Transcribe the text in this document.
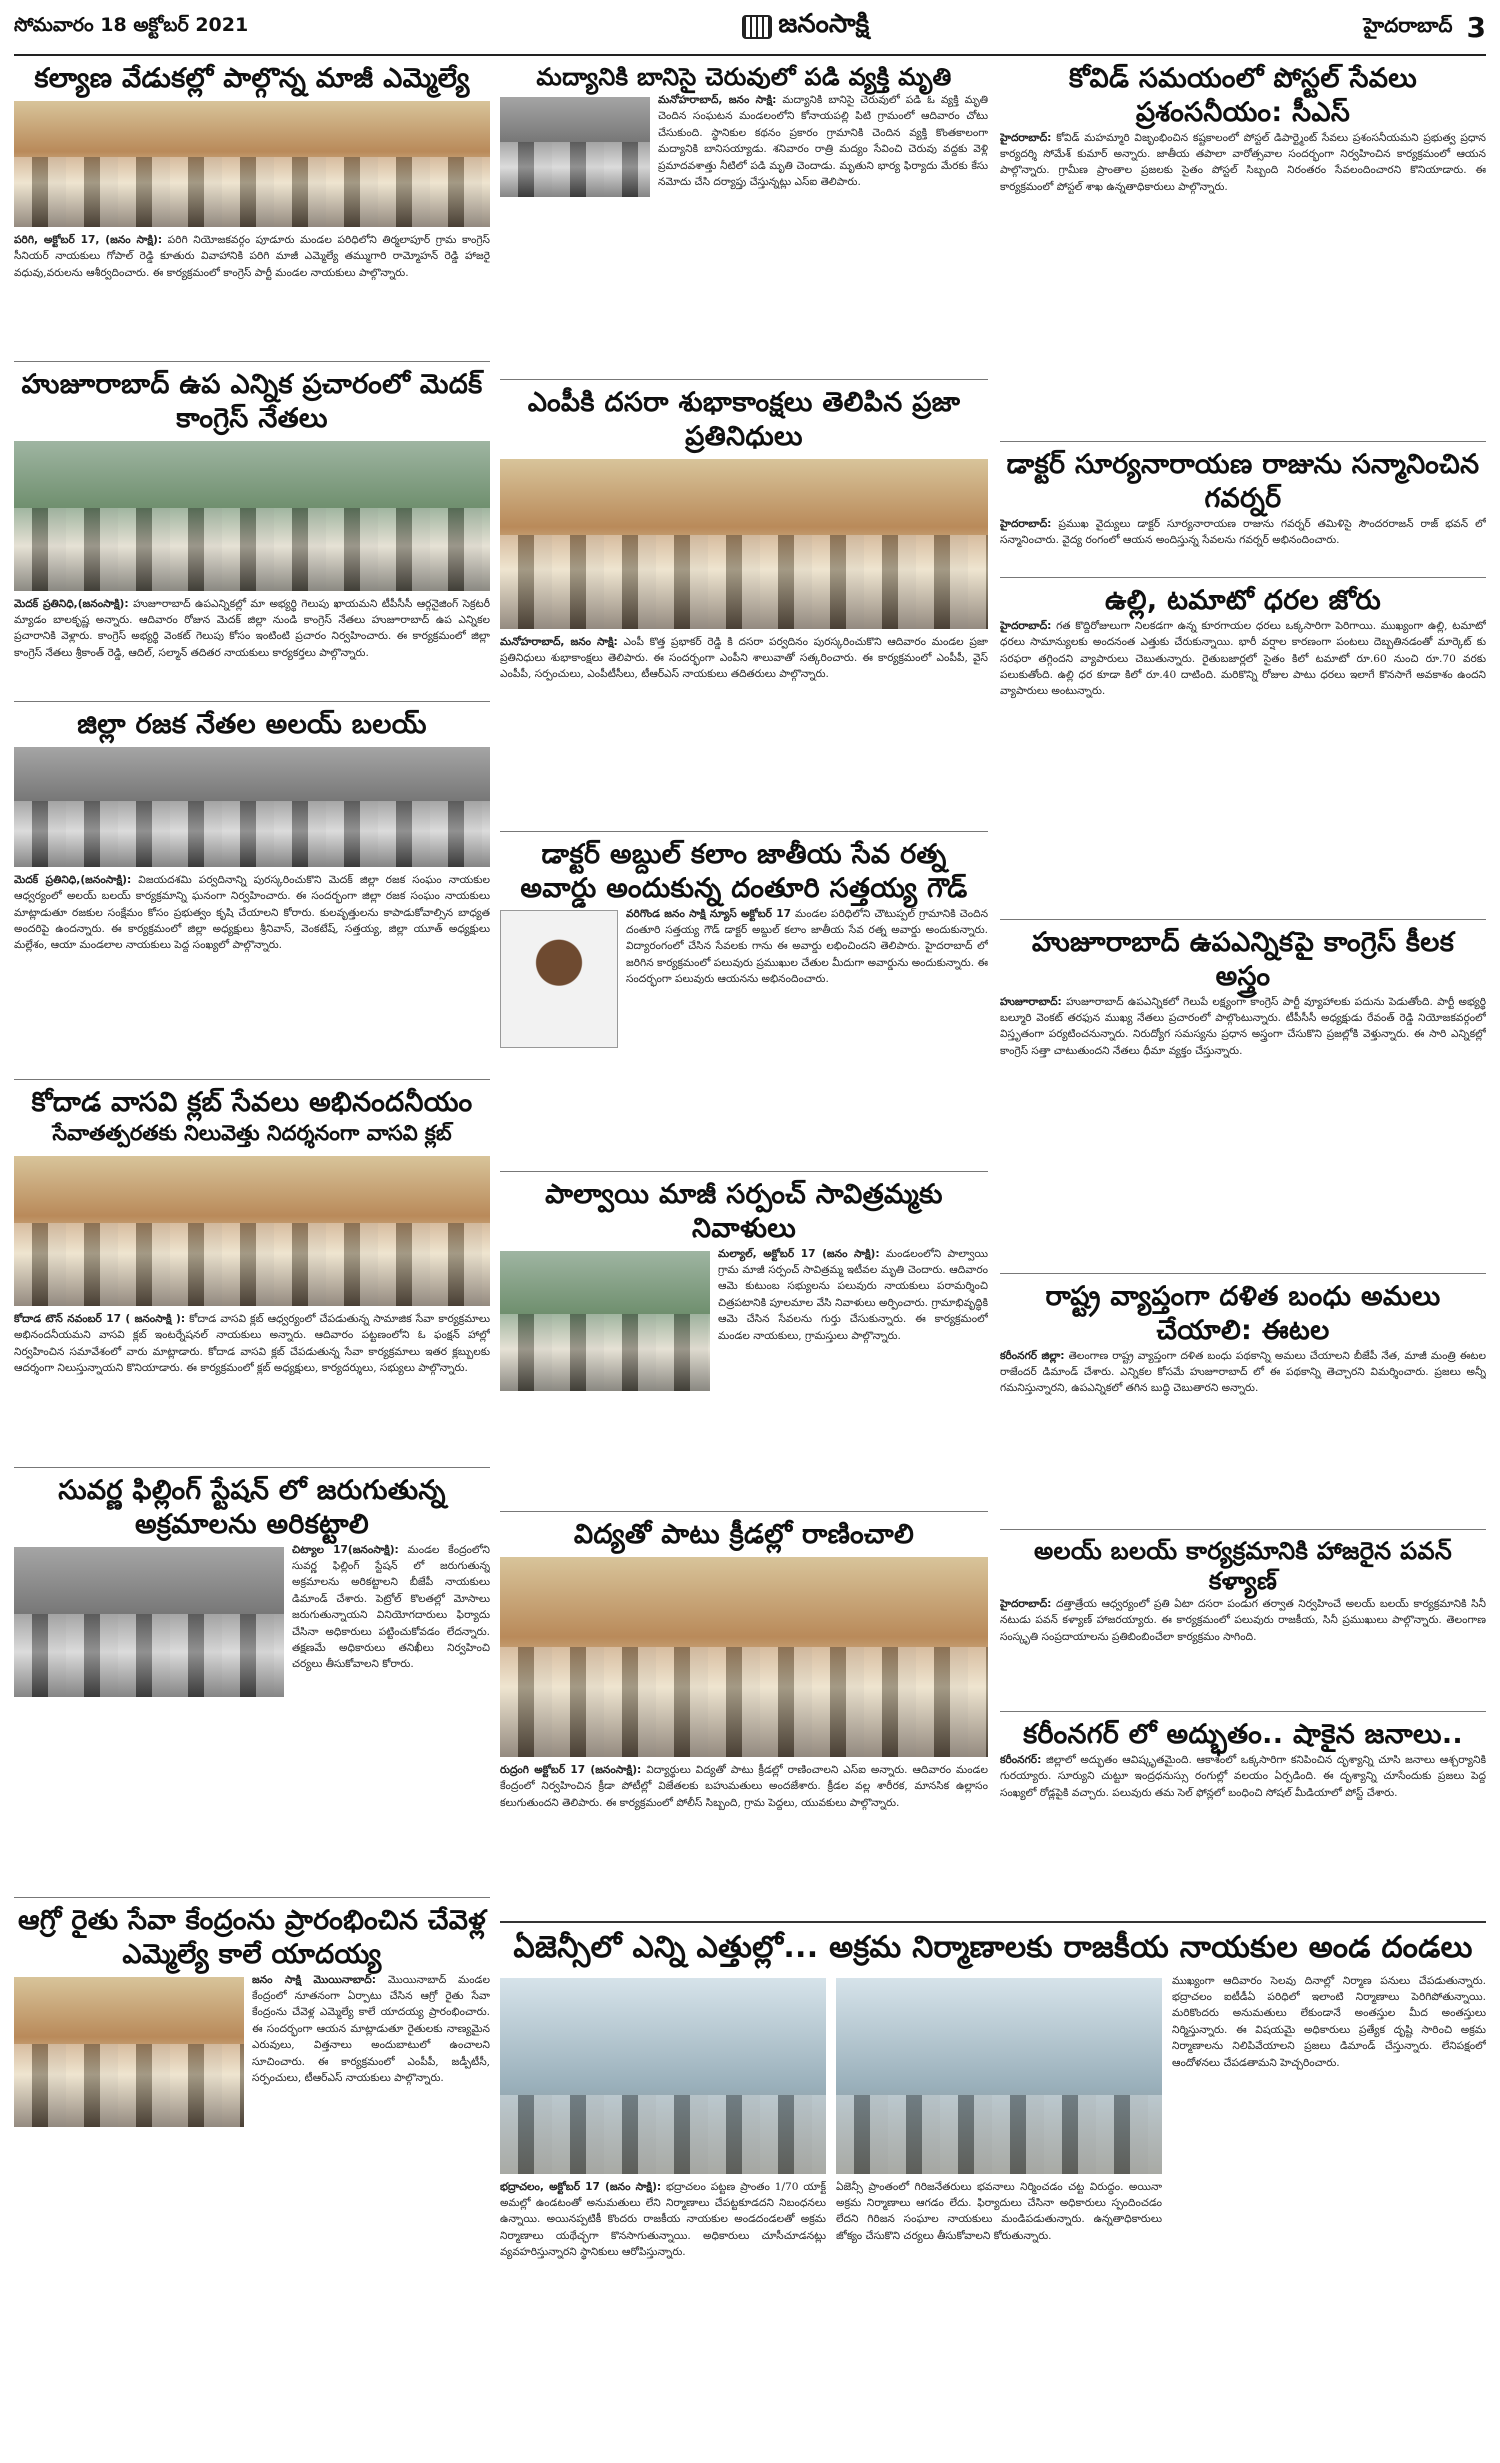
సోమవారం 18 అక్టోబర్ 2021	జనంసాక్షి	హైదరాబాద్ 3
కల్యాణ వేడుకల్లో పాల్గొన్న మాజీ ఎమ్మెల్యే
పరిగి, అక్టోబర్ 17, (జనం సాక్షి): పరిగి నియోజకవర్గం పూడూరు మండల పరిధిలోని తిర్మలాపూర్ గ్రామ కాంగ్రెస్ సీనియర్ నాయకులు గోపాల్ రెడ్డి కూతురు వివాహానికి పరిగి మాజీ ఎమ్మెల్యే తమ్ముగారి రామ్మోహన్ రెడ్డి హాజరై వధువు,వరులను ఆశీర్వదించారు. ఈ కార్యక్రమంలో కాంగ్రెస్ పార్టీ మండల నాయకులు పాల్గొన్నారు.
హుజూరాబాద్ ఉప ఎన్నిక ప్రచారంలో మెదక్ కాంగ్రెస్ నేతలు
మెదక్ ప్రతినిధి,(జనంసాక్షి): హుజూరాబాద్ ఉపఎన్నికల్లో మా అభ్యర్థి గెలుపు ఖాయమని టీపీసీసీ ఆర్గనైజింగ్ సెక్రటరీ మ్యాడం బాలకృష్ణ అన్నారు. ఆదివారం రోజున మెదక్ జిల్లా నుండి కాంగ్రెస్ నేతలు హుజూరాబాద్ ఉప ఎన్నికల ప్రచారానికి వెళ్లారు. కాంగ్రెస్ అభ్యర్థి వెంకట్ గెలుపు కోసం ఇంటింటి ప్రచారం నిర్వహించారు. ఈ కార్యక్రమంలో జిల్లా కాంగ్రెస్ నేతలు శ్రీకాంత్ రెడ్డి, ఆదిల్, సల్మాన్ తదితర నాయకులు కార్యకర్తలు పాల్గొన్నారు.
జిల్లా రజక నేతల అలయ్ బలయ్
మెదక్ ప్రతినిధి,(జనంసాక్షి): విజయదశమి పర్వదినాన్ని పురస్కరించుకొని మెదక్ జిల్లా రజక సంఘం నాయకుల ఆధ్వర్యంలో అలయ్ బలయ్ కార్యక్రమాన్ని ఘనంగా నిర్వహించారు. ఈ సందర్భంగా జిల్లా రజక సంఘం నాయకులు మాట్లాడుతూ రజకుల సంక్షేమం కోసం ప్రభుత్వం కృషి చేయాలని కోరారు. కులవృత్తులను కాపాడుకోవాల్సిన బాధ్యత అందరిపై ఉందన్నారు. ఈ కార్యక్రమంలో జిల్లా అధ్యక్షులు శ్రీనివాస్, వెంకటేష్, సత్తయ్య, జిల్లా యూత్ అధ్యక్షులు మల్లేశం, ఆయా మండలాల నాయకులు పెద్ద సంఖ్యలో పాల్గొన్నారు.
కోదాడ వాసవి క్లబ్ సేవలు అభినందనీయం
సేవాతత్పరతకు నిలువెత్తు నిదర్శనంగా వాసవి క్లబ్
కోదాడ టౌన్ నవంబర్ 17 ( జనంసాక్షి ): కోదాడ వాసవి క్లబ్ ఆధ్వర్యంలో చేపడుతున్న సామాజిక సేవా కార్యక్రమాలు అభినందనీయమని వాసవి క్లబ్ ఇంటర్నేషనల్ నాయకులు అన్నారు. ఆదివారం పట్టణంలోని ఓ ఫంక్షన్ హాల్లో నిర్వహించిన సమావేశంలో వారు మాట్లాడారు. కోదాడ వాసవి క్లబ్ చేపడుతున్న సేవా కార్యక్రమాలు ఇతర క్లబ్బులకు ఆదర్శంగా నిలుస్తున్నాయని కొనియాడారు. ఈ కార్యక్రమంలో క్లబ్ అధ్యక్షులు, కార్యదర్శులు, సభ్యులు పాల్గొన్నారు.
సువర్ణ ఫిల్లింగ్ స్టేషన్ లో జరుగుతున్న అక్రమాలను అరికట్టాలి
చిట్యాల 17(జనంసాక్షి): మండల కేంద్రంలోని సువర్ణ ఫిల్లింగ్ స్టేషన్ లో జరుగుతున్న అక్రమాలను అరికట్టాలని బీజేపీ నాయకులు డిమాండ్ చేశారు. పెట్రోల్ కొలతల్లో మోసాలు జరుగుతున్నాయని వినియోగదారులు ఫిర్యాదు చేసినా అధికారులు పట్టించుకోవడం లేదన్నారు. తక్షణమే అధికారులు తనిఖీలు నిర్వహించి చర్యలు తీసుకోవాలని కోరారు.
ఆగ్రో రైతు సేవా కేంద్రంను ప్రారంభించిన చేవెళ్ల ఎమ్మెల్యే కాలే యాదయ్య
జనం సాక్షి మొయినాబాద్: మొయినాబాద్ మండల కేంద్రంలో నూతనంగా ఏర్పాటు చేసిన ఆగ్రో రైతు సేవా కేంద్రంను చేవెళ్ల ఎమ్మెల్యే కాలే యాదయ్య ప్రారంభించారు. ఈ సందర్భంగా ఆయన మాట్లాడుతూ రైతులకు నాణ్యమైన ఎరువులు, విత్తనాలు అందుబాటులో ఉంచాలని సూచించారు. ఈ కార్యక్రమంలో ఎంపీపీ, జడ్పీటీసీ, సర్పంచులు, టీఆర్ఎస్ నాయకులు పాల్గొన్నారు.
మద్యానికి బానిసై చెరువులో పడి వ్యక్తి మృతి
మనోహరాబాద్, జనం సాక్షి: మద్యానికి బానిసై చెరువులో పడి ఓ వ్యక్తి మృతి చెందిన సంఘటన మండలంలోని కోనాయపల్లి పిటి గ్రామంలో ఆదివారం చోటు చేసుకుంది. స్థానికుల కథనం ప్రకారం గ్రామానికి చెందిన వ్యక్తి కొంతకాలంగా మద్యానికి బానిసయ్యాడు. శనివారం రాత్రి మద్యం సేవించి చెరువు వద్దకు వెళ్లి ప్రమాదవశాత్తు నీటిలో పడి మృతి చెందాడు. మృతుని భార్య ఫిర్యాదు మేరకు కేసు నమోదు చేసి దర్యాప్తు చేస్తున్నట్లు ఎస్ఐ తెలిపారు.
ఎంపీకి దసరా శుభాకాంక్షలు తెలిపిన ప్రజా ప్రతినిధులు
మనోహరాబాద్, జనం సాక్షి: ఎంపీ కొత్త ప్రభాకర్ రెడ్డి కి దసరా పర్వదినం పురస్కరించుకొని ఆదివారం మండల ప్రజా ప్రతినిధులు శుభాకాంక్షలు తెలిపారు. ఈ సందర్భంగా ఎంపీని శాలువాతో సత్కరించారు. ఈ కార్యక్రమంలో ఎంపీపీ, వైస్ ఎంపీపీ, సర్పంచులు, ఎంపీటీసీలు, టీఆర్ఎస్ నాయకులు తదితరులు పాల్గొన్నారు.
డాక్టర్ అబ్దుల్ కలాం జాతీయ సేవ రత్న అవార్డు అందుకున్న దంతూరి సత్తయ్య గౌడ్
వరిగొండ జనం సాక్షి న్యూస్ అక్టోబర్ 17 మండల పరిధిలోని చౌటుప్పల్ గ్రామానికి చెందిన దంతూరి సత్తయ్య గౌడ్ డాక్టర్ అబ్దుల్ కలాం జాతీయ సేవ రత్న అవార్డు అందుకున్నారు. విద్యారంగంలో చేసిన సేవలకు గాను ఈ అవార్డు లభించిందని తెలిపారు. హైదరాబాద్ లో జరిగిన కార్యక్రమంలో పలువురు ప్రముఖుల చేతుల మీదుగా అవార్డును అందుకున్నారు. ఈ సందర్భంగా పలువురు ఆయనను అభినందించారు.
పాల్వాయి మాజీ సర్పంచ్ సావిత్రమ్మకు నివాళులు
మల్యాల్, అక్టోబర్ 17 (జనం సాక్షి): మండలంలోని పాల్వాయి గ్రామ మాజీ సర్పంచ్ సావిత్రమ్మ ఇటీవల మృతి చెందారు. ఆదివారం ఆమె కుటుంబ సభ్యులను పలువురు నాయకులు పరామర్శించి చిత్రపటానికి పూలమాల వేసి నివాళులు అర్పించారు. గ్రామాభివృద్ధికి ఆమె చేసిన సేవలను గుర్తు చేసుకున్నారు. ఈ కార్యక్రమంలో మండల నాయకులు, గ్రామస్తులు పాల్గొన్నారు.
విద్యతో పాటు క్రీడల్లో రాణించాలి
రుద్రంగి అక్టోబర్ 17 (జనంసాక్షి): విద్యార్థులు విద్యతో పాటు క్రీడల్లో రాణించాలని ఎస్ఐ అన్నారు. ఆదివారం మండల కేంద్రంలో నిర్వహించిన క్రీడా పోటీల్లో విజేతలకు బహుమతులు అందజేశారు. క్రీడల వల్ల శారీరక, మానసిక ఉల్లాసం కలుగుతుందని తెలిపారు. ఈ కార్యక్రమంలో పోలీస్ సిబ్బంది, గ్రామ పెద్దలు, యువకులు పాల్గొన్నారు.
కోవిడ్ సమయంలో పోస్టల్ సేవలు ప్రశంసనీయం: సీఎస్
హైదరాబాద్: కోవిడ్ మహమ్మారి విజృంభించిన కష్టకాలంలో పోస్టల్ డిపార్ట్మెంట్ సేవలు ప్రశంసనీయమని ప్రభుత్వ ప్రధాన కార్యదర్శి సోమేశ్ కుమార్ అన్నారు. జాతీయ తపాలా వారోత్సవాల సందర్భంగా నిర్వహించిన కార్యక్రమంలో ఆయన పాల్గొన్నారు. గ్రామీణ ప్రాంతాల ప్రజలకు సైతం పోస్టల్ సిబ్బంది నిరంతరం సేవలందించారని కొనియాడారు. ఈ కార్యక్రమంలో పోస్టల్ శాఖ ఉన్నతాధికారులు పాల్గొన్నారు.
డాక్టర్ సూర్యనారాయణ రాజును సన్మానించిన గవర్నర్
హైదరాబాద్: ప్రముఖ వైద్యులు డాక్టర్ సూర్యనారాయణ రాజును గవర్నర్ తమిళిసై సౌందరరాజన్ రాజ్ భవన్ లో సన్మానించారు. వైద్య రంగంలో ఆయన అందిస్తున్న సేవలను గవర్నర్ అభినందించారు.
ఉల్లి, టమాటో ధరల జోరు
హైదరాబాద్: గత కొద్దిరోజులుగా నిలకడగా ఉన్న కూరగాయల ధరలు ఒక్కసారిగా పెరిగాయి. ముఖ్యంగా ఉల్లి, టమాటో ధరలు సామాన్యులకు అందనంత ఎత్తుకు చేరుకున్నాయి. భారీ వర్షాల కారణంగా పంటలు దెబ్బతినడంతో మార్కెట్ కు సరఫరా తగ్గిందని వ్యాపారులు చెబుతున్నారు. రైతుబజార్లలో సైతం కిలో టమాటో రూ.60 నుంచి రూ.70 వరకు పలుకుతోంది. ఉల్లి ధర కూడా కిలో రూ.40 దాటింది. మరికొన్ని రోజుల పాటు ధరలు ఇలాగే కొనసాగే అవకాశం ఉందని వ్యాపారులు అంటున్నారు.
హుజూరాబాద్ ఉపఎన్నికపై కాంగ్రెస్ కీలక అస్త్రం
హుజూరాబాద్: హుజూరాబాద్ ఉపఎన్నికలో గెలుపే లక్ష్యంగా కాంగ్రెస్ పార్టీ వ్యూహాలకు పదును పెడుతోంది. పార్టీ అభ్యర్థి బల్మూరి వెంకట్ తరఫున ముఖ్య నేతలు ప్రచారంలో పాల్గొంటున్నారు. టీపీసీసీ అధ్యక్షుడు రేవంత్ రెడ్డి నియోజకవర్గంలో విస్తృతంగా పర్యటించనున్నారు. నిరుద్యోగ సమస్యను ప్రధాన అస్త్రంగా చేసుకొని ప్రజల్లోకి వెళ్తున్నారు. ఈ సారి ఎన్నికల్లో కాంగ్రెస్ సత్తా చాటుతుందని నేతలు ధీమా వ్యక్తం చేస్తున్నారు.
రాష్ట్ర వ్యాప్తంగా దళిత బంధు అమలు చేయాలి: ఈటల
కరీంనగర్ జిల్లా: తెలంగాణ రాష్ట్ర వ్యాప్తంగా దళిత బంధు పథకాన్ని అమలు చేయాలని బీజేపీ నేత, మాజీ మంత్రి ఈటల రాజేందర్ డిమాండ్ చేశారు. ఎన్నికల కోసమే హుజూరాబాద్ లో ఈ పథకాన్ని తెచ్చారని విమర్శించారు. ప్రజలు అన్నీ గమనిస్తున్నారని, ఉపఎన్నికలో తగిన బుద్ధి చెబుతారని అన్నారు.
అలయ్ బలయ్ కార్యక్రమానికి హాజరైన పవన్ కళ్యాణ్
హైదరాబాద్: దత్తాత్రేయ ఆధ్వర్యంలో ప్రతి ఏటా దసరా పండుగ తర్వాత నిర్వహించే అలయ్ బలయ్ కార్యక్రమానికి సినీ నటుడు పవన్ కళ్యాణ్ హాజరయ్యారు. ఈ కార్యక్రమంలో పలువురు రాజకీయ, సినీ ప్రముఖులు పాల్గొన్నారు. తెలంగాణ సంస్కృతి సంప్రదాయాలను ప్రతిబింబించేలా కార్యక్రమం సాగింది.
కరీంనగర్ లో అద్భుతం.. షాకైన జనాలు..
కరీంనగర్: జిల్లాలో అద్భుతం ఆవిష్కృతమైంది. ఆకాశంలో ఒక్కసారిగా కనిపించిన దృశ్యాన్ని చూసి జనాలు ఆశ్చర్యానికి గురయ్యారు. సూర్యుని చుట్టూ ఇంద్రధనుస్సు రంగుల్లో వలయం ఏర్పడింది. ఈ దృశ్యాన్ని చూసేందుకు ప్రజలు పెద్ద సంఖ్యలో రోడ్లపైకి వచ్చారు. పలువురు తమ సెల్ ఫోన్లలో బంధించి సోషల్ మీడియాలో పోస్ట్ చేశారు.
ఏజెన్సీలో ఎన్ని ఎత్తుల్లో... అక్రమ నిర్మాణాలకు రాజకీయ నాయకుల అండ దండలు
భద్రాచలం, అక్టోబర్ 17 (జనం సాక్షి): భద్రాచలం పట్టణ ప్రాంతం 1/70 యాక్ట్ అమల్లో ఉండటంతో అనుమతులు లేని నిర్మాణాలు చేపట్టకూడదని నిబంధనలు ఉన్నాయి. అయినప్పటికీ కొందరు రాజకీయ నాయకుల అండదండలతో అక్రమ నిర్మాణాలు యథేచ్ఛగా కొనసాగుతున్నాయి. అధికారులు చూసీచూడనట్లు వ్యవహరిస్తున్నారని స్థానికులు ఆరోపిస్తున్నారు.
ఏజెన్సీ ప్రాంతంలో గిరిజనేతరులు భవనాలు నిర్మించడం చట్ట విరుద్ధం. అయినా అక్రమ నిర్మాణాలు ఆగడం లేదు. ఫిర్యాదులు చేసినా అధికారులు స్పందించడం లేదని గిరిజన సంఘాల నాయకులు మండిపడుతున్నారు. ఉన్నతాధికారులు జోక్యం చేసుకొని చర్యలు తీసుకోవాలని కోరుతున్నారు.
ముఖ్యంగా ఆదివారం సెలవు దినాల్లో నిర్మాణ పనులు చేపడుతున్నారు. భద్రాచలం ఐటీడీఏ పరిధిలో ఇలాంటి నిర్మాణాలు పెరిగిపోతున్నాయి. మరికొందరు అనుమతులు లేకుండానే అంతస్తుల మీద అంతస్తులు నిర్మిస్తున్నారు. ఈ విషయమై అధికారులు ప్రత్యేక దృష్టి సారించి అక్రమ నిర్మాణాలను నిలిపివేయాలని ప్రజలు డిమాండ్ చేస్తున్నారు. లేనిపక్షంలో ఆందోళనలు చేపడతామని హెచ్చరించారు.
